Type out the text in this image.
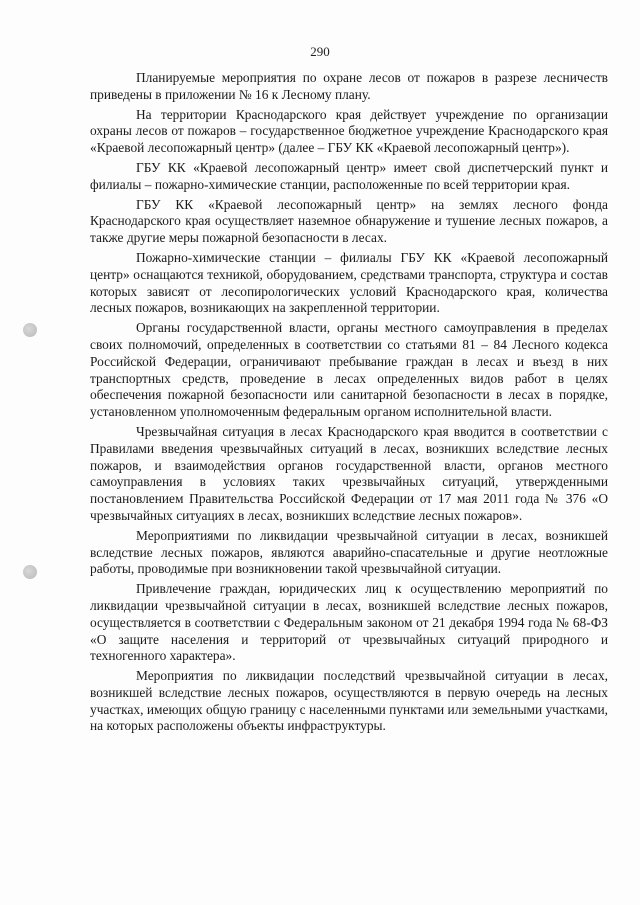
290

Планируемые мероприятия по охране лесов от пожаров в разрезе лесничеств приведены в приложении № 16 к Лесному плану.

На территории Краснодарского края действует учреждение по организации охраны лесов от пожаров – государственное бюджетное учреждение Краснодарского края «Краевой лесопожарный центр» (далее – ГБУ КК «Краевой лесопожарный центр»).

ГБУ КК «Краевой лесопожарный центр» имеет свой диспетчерский пункт и филиалы – пожарно-химические станции, расположенные по всей территории края.

ГБУ КК «Краевой лесопожарный центр» на землях лесного фонда Краснодарского края осуществляет наземное обнаружение и тушение лесных пожаров, а также другие меры пожарной безопасности в лесах.

Пожарно-химические станции – филиалы ГБУ КК «Краевой лесопожарный центр» оснащаются техникой, оборудованием, средствами транспорта, структура и состав которых зависят от лесопирологических условий Краснодарского края, количества лесных пожаров, возникающих на закрепленной территории.

Органы государственной власти, органы местного самоуправления в пределах своих полномочий, определенных в соответствии со статьями 81 – 84 Лесного кодекса Российской Федерации, ограничивают пребывание граждан в лесах и въезд в них транспортных средств, проведение в лесах определенных видов работ в целях обеспечения пожарной безопасности или санитарной безопасности в лесах в порядке, установленном уполномоченным федеральным органом исполнительной власти.

Чрезвычайная ситуация в лесах Краснодарского края вводится в соответствии с Правилами введения чрезвычайных ситуаций в лесах, возникших вследствие лесных пожаров, и взаимодействия органов государственной власти, органов местного самоуправления в условиях таких чрезвычайных ситуаций, утвержденными постановлением Правительства Российской Федерации от 17 мая 2011 года № 376 «О чрезвычайных ситуациях в лесах, возникших вследствие лесных пожаров».

Мероприятиями по ликвидации чрезвычайной ситуации в лесах, возникшей вследствие лесных пожаров, являются аварийно-спасательные и другие неотложные работы, проводимые при возникновении такой чрезвычайной ситуации.

Привлечение граждан, юридических лиц к осуществлению мероприятий по ликвидации чрезвычайной ситуации в лесах, возникшей вследствие лесных пожаров, осуществляется в соответствии с Федеральным законом от 21 декабря 1994 года № 68-ФЗ «О защите населения и территорий от чрезвычайных ситуаций природного и техногенного характера».

Мероприятия по ликвидации последствий чрезвычайной ситуации в лесах, возникшей вследствие лесных пожаров, осуществляются в первую очередь на лесных участках, имеющих общую границу с населенными пунктами или земельными участками, на которых расположены объекты инфраструктуры.
